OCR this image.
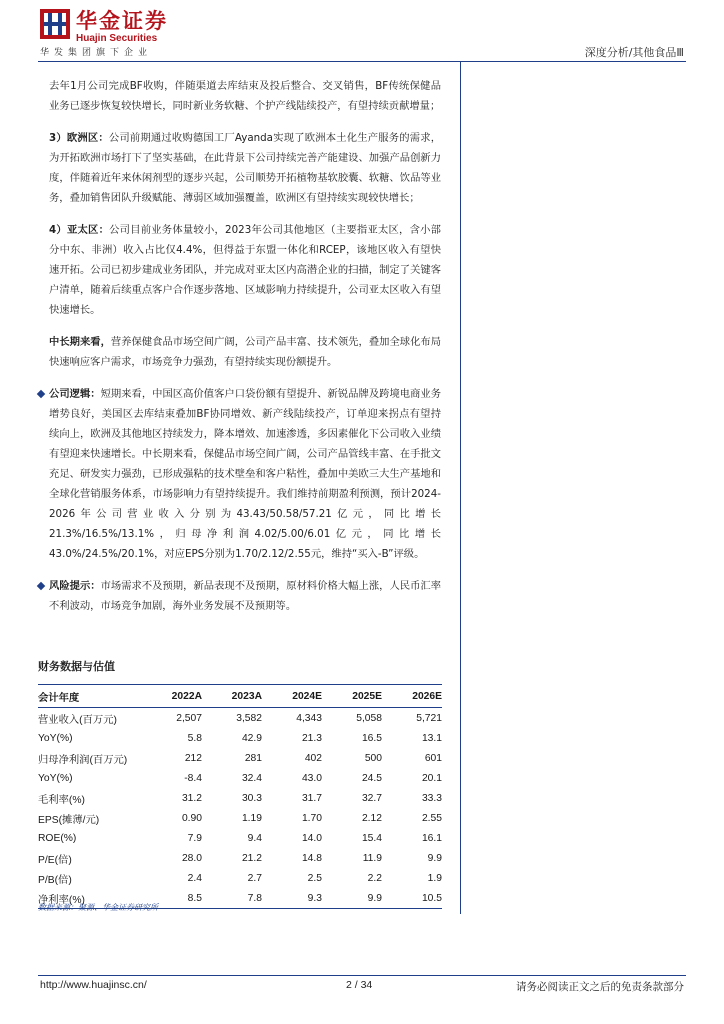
华金证券
Huajin Securities
华发集团旗下企业	深度分析/其他食品Ⅲ

去年1月公司完成BF收购，伴随渠道去库结束及投后整合、交叉销售，BF传统保健品业务已逐步恢复较快增长，同时新业务软糖、个护产线陆续投产，有望持续贡献增量；

3）欧洲区：公司前期通过收购德国工厂Ayanda实现了欧洲本土化生产服务的需求，为开拓欧洲市场打下了坚实基础，在此背景下公司持续完善产能建设、加强产品创新力度，伴随着近年来休闲剂型的逐步兴起，公司顺势开拓植物基软胶囊、软糖、饮品等业务，叠加销售团队升级赋能、薄弱区域加强覆盖，欧洲区有望持续实现较快增长；

4）亚太区：公司目前业务体量较小，2023年公司其他地区（主要指亚太区，含小部分中东、非洲）收入占比仅4.4%，但得益于东盟一体化和RCEP，该地区收入有望快速开拓。公司已初步建成业务团队，并完成对亚太区内高潜企业的扫描，制定了关键客户清单，随着后续重点客户合作逐步落地、区域影响力持续提升，公司亚太区收入有望快速增长。

中长期来看，营养保健食品市场空间广阔，公司产品丰富、技术领先，叠加全球化布局快速响应客户需求，市场竞争力强劲，有望持续实现份额提升。

公司逻辑：短期来看，中国区高价值客户口袋份额有望提升、新锐品牌及跨境电商业务增势良好，美国区去库结束叠加BF协同增效、新产线陆续投产，订单迎来拐点有望持续向上，欧洲及其他地区持续发力，降本增效、加速渗透，多因素催化下公司收入业绩有望迎来快速增长。中长期来看，保健品市场空间广阔，公司产品管线丰富、在手批文充足、研发实力强劲，已形成强粘的技术壁垒和客户粘性，叠加中美欧三大生产基地和全球化营销服务体系，市场影响力有望持续提升。我们维持前期盈利预测，预计2024-2026年公司营业收入分别为43.43/50.58/57.21亿元，同比增长21.3%/16.5%/13.1%，归母净利润4.02/5.00/6.01亿元，同比增长43.0%/24.5%/20.1%，对应EPS分别为1.70/2.12/2.55元，维持“买入-B”评级。

风险提示：市场需求不及预期，新品表现不及预期，原材料价格大幅上涨，人民币汇率不利波动，市场竞争加剧，海外业务发展不及预期等。

财务数据与估值
会计年度	2022A	2023A	2024E	2025E	2026E
营业收入(百万元)	2,507	3,582	4,343	5,058	5,721
YoY(%)	5.8	42.9	21.3	16.5	13.1
归母净利润(百万元)	212	281	402	500	601
YoY(%)	-8.4	32.4	43.0	24.5	20.1
毛利率(%)	31.2	30.3	31.7	32.7	33.3
EPS(摊薄/元)	0.90	1.19	1.70	2.12	2.55
ROE(%)	7.9	9.4	14.0	15.4	16.1
P/E(倍)	28.0	21.2	14.8	11.9	9.9
P/B(倍)	2.4	2.7	2.5	2.2	1.9
净利率(%)	8.5	7.8	9.3	9.9	10.5
数据来源：聚源、华金证券研究所
http://www.huajinsc.cn/	2 / 34	请务必阅读正文之后的免责条款部分
